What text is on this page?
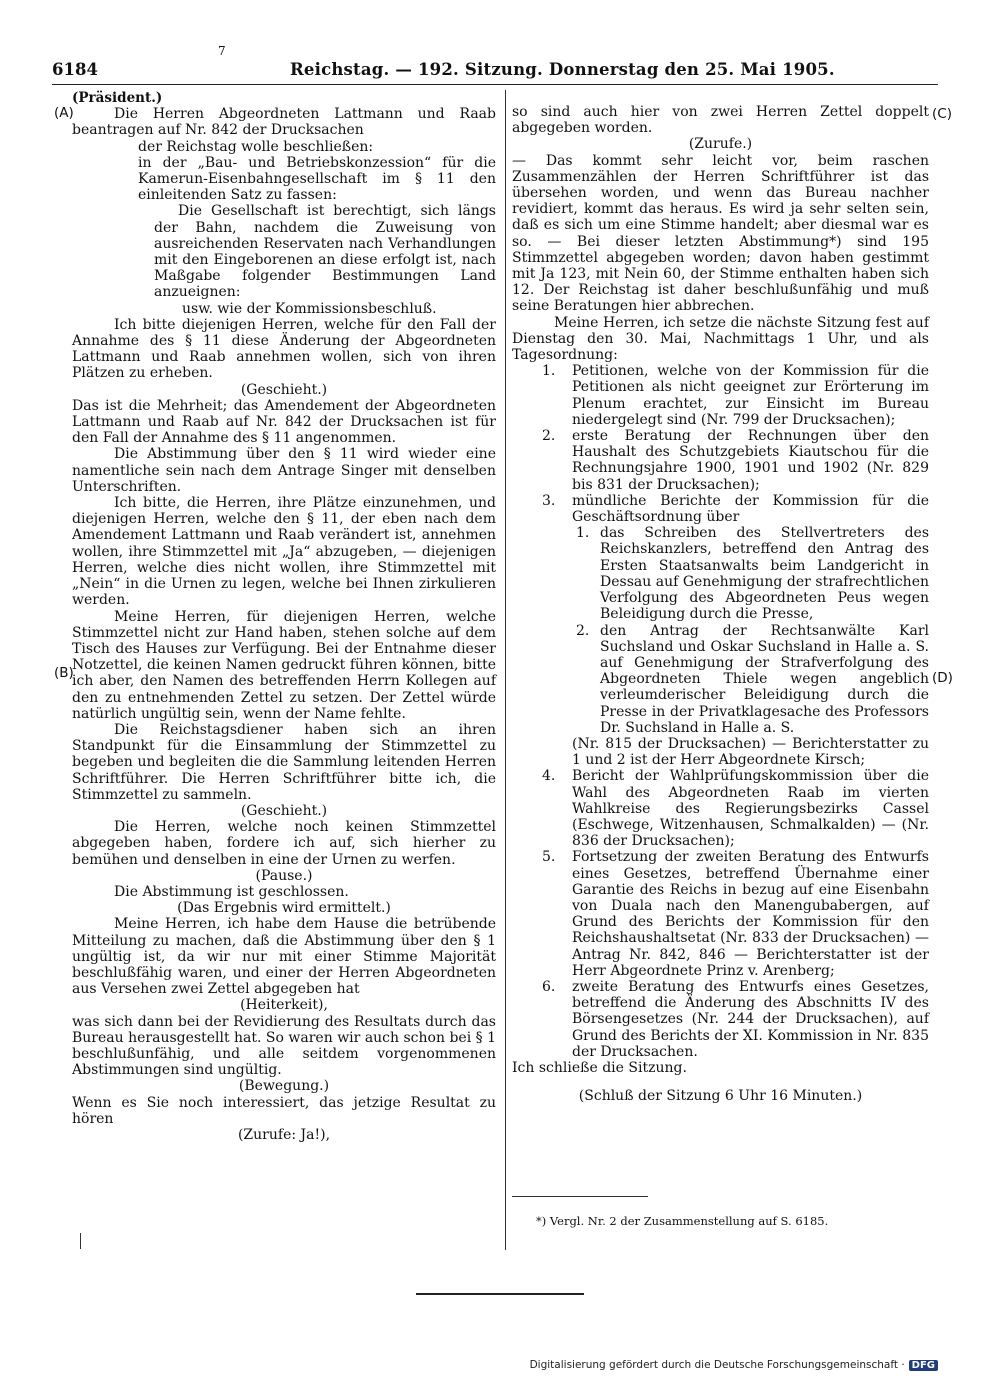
6184	Reichstag. — 192. Sitzung. Donnerstag den 25. Mai 1905.
7
(A)
(B)
(C)
(D)

(Präsident.)

Die Herren Abgeordneten Lattmann und Raab beantragen auf Nr. 842 der Drucksachen

der Reichstag wolle beschließen:

in der „Bau- und Betriebskonzession“ für die Kamerun-Eisenbahngesellschaft im § 11 den einleitenden Satz zu fassen:

Die Gesellschaft ist berechtigt, sich längs der Bahn, nachdem die Zuweisung von ausreichenden Reservaten nach Verhandlungen mit den Eingeborenen an diese erfolgt ist, nach Maßgabe folgender Bestimmungen Land anzueignen:

usw. wie der Kommissionsbeschluß.

Ich bitte diejenigen Herren, welche für den Fall der Annahme des § 11 diese Änderung der Abgeordneten Lattmann und Raab annehmen wollen, sich von ihren Plätzen zu erheben.

(Geschieht.)

Das ist die Mehrheit; das Amendement der Abgeordneten Lattmann und Raab auf Nr. 842 der Drucksachen ist für den Fall der Annahme des § 11 angenommen.

Die Abstimmung über den § 11 wird wieder eine namentliche sein nach dem Antrage Singer mit denselben Unterschriften.

Ich bitte, die Herren, ihre Plätze einzunehmen, und diejenigen Herren, welche den § 11, der eben nach dem Amendement Lattmann und Raab verändert ist, annehmen wollen, ihre Stimmzettel mit „Ja“ abzugeben, — diejenigen Herren, welche dies nicht wollen, ihre Stimmzettel mit „Nein“ in die Urnen zu legen, welche bei Ihnen zirkulieren werden.

Meine Herren, für diejenigen Herren, welche Stimmzettel nicht zur Hand haben, stehen solche auf dem Tisch des Hauses zur Verfügung. Bei der Entnahme dieser Notzettel, die keinen Namen gedruckt führen können, bitte ich aber, den Namen des betreffenden Herrn Kollegen auf den zu entnehmenden Zettel zu setzen. Der Zettel würde natürlich ungültig sein, wenn der Name fehlte.

Die Reichstagsdiener haben sich an ihren Standpunkt für die Einsammlung der Stimmzettel zu begeben und begleiten die die Sammlung leitenden Herren Schriftführer. Die Herren Schriftführer bitte ich, die Stimmzettel zu sammeln.

(Geschieht.)

Die Herren, welche noch keinen Stimmzettel abgegeben haben, fordere ich auf, sich hierher zu bemühen und denselben in eine der Urnen zu werfen.

(Pause.)

Die Abstimmung ist geschlossen.

(Das Ergebnis wird ermittelt.)

Meine Herren, ich habe dem Hause die betrübende Mitteilung zu machen, daß die Abstimmung über den § 1 ungültig ist, da wir nur mit einer Stimme Majorität beschlußfähig waren, und einer der Herren Abgeordneten aus Versehen zwei Zettel abgegeben hat

(Heiterkeit),

was sich dann bei der Revidierung des Resultats durch das Bureau herausgestellt hat. So waren wir auch schon bei § 1 beschlußunfähig, und alle seitdem vorgenommenen Abstimmungen sind ungültig.

(Bewegung.)

Wenn es Sie noch interessiert, das jetzige Resultat zu hören

(Zurufe: Ja!),

so sind auch hier von zwei Herren Zettel doppelt abgegeben worden.

(Zurufe.)

— Das kommt sehr leicht vor, beim raschen Zusammenzählen der Herren Schriftführer ist das übersehen worden, und wenn das Bureau nachher revidiert, kommt das heraus. Es wird ja sehr selten sein, daß es sich um eine Stimme handelt; aber diesmal war es so. — Bei dieser letzten Abstimmung*) sind 195 Stimmzettel abgegeben worden; davon haben gestimmt mit Ja 123, mit Nein 60, der Stimme enthalten haben sich 12. Der Reichstag ist daher beschlußunfähig und muß seine Beratungen hier abbrechen.

Meine Herren, ich setze die nächste Sitzung fest auf Dienstag den 30. Mai, Nachmittags 1 Uhr, und als Tagesordnung:

1. Petitionen, welche von der Kommission für die Petitionen als nicht geeignet zur Erörterung im Plenum erachtet, zur Einsicht im Bureau niedergelegt sind (Nr. 799 der Drucksachen);
2. erste Beratung der Rechnungen über den Haushalt des Schutzgebiets Kiautschou für die Rechnungsjahre 1900, 1901 und 1902 (Nr. 829 bis 831 der Drucksachen);
3. mündliche Berichte der Kommission für die Geschäftsordnung über
1. das Schreiben des Stellvertreters des Reichskanzlers, betreffend den Antrag des Ersten Staatsanwalts beim Landgericht in Dessau auf Genehmigung der strafrechtlichen Verfolgung des Abgeordneten Peus wegen Beleidigung durch die Presse,
2. den Antrag der Rechtsanwälte Karl Suchsland und Oskar Suchsland in Halle a. S. auf Genehmigung der Strafverfolgung des Abgeordneten Thiele wegen angeblich verleumderischer Beleidigung durch die Presse in der Privatklagesache des Professors Dr. Suchsland in Halle a. S.

(Nr. 815 der Drucksachen) — Berichterstatter zu 1 und 2 ist der Herr Abgeordnete Kirsch;

4. Bericht der Wahlprüfungskommission über die Wahl des Abgeordneten Raab im vierten Wahlkreise des Regierungsbezirks Cassel (Eschwege, Witzenhausen, Schmalkalden) — (Nr. 836 der Drucksachen);
5. Fortsetzung der zweiten Beratung des Entwurfs eines Gesetzes, betreffend Übernahme einer Garantie des Reichs in bezug auf eine Eisenbahn von Duala nach den Manengubabergen, auf Grund des Berichts der Kommission für den Reichshaushaltsetat (Nr. 833 der Drucksachen) — Antrag Nr. 842, 846 — Berichterstatter ist der Herr Abgeordnete Prinz v. Arenberg;
6. zweite Beratung des Entwurfs eines Gesetzes, betreffend die Änderung des Abschnitts IV des Börsengesetzes (Nr. 244 der Drucksachen), auf Grund des Berichts der XI. Kommission in Nr. 835 der Drucksachen.

Ich schließe die Sitzung.

(Schluß der Sitzung 6 Uhr 16 Minuten.)

*) Vergl. Nr. 2 der Zusammenstellung auf S. 6185.
Digitalisierung gefördert durch die Deutsche Forschungsgemeinschaft · DFG
